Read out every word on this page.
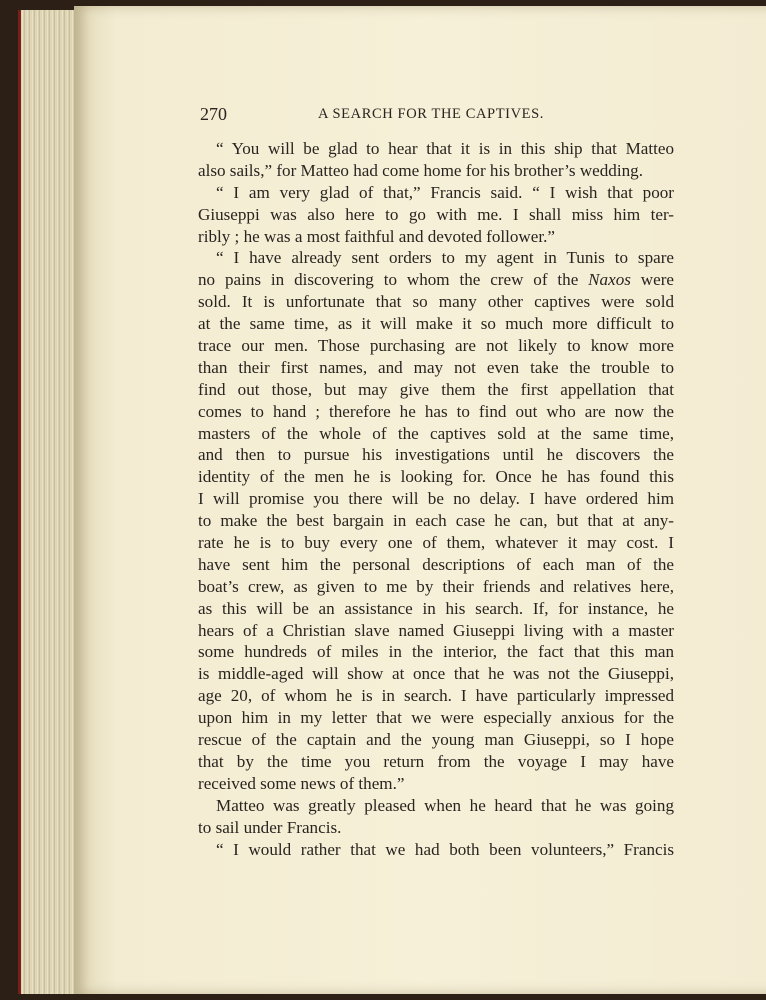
270	A SEARCH FOR THE CAPTIVES.
“ You will be glad to hear that it is in this ship that Matteo
also sails,” for Matteo had come home for his brother’s wedding.
“ I am very glad of that,” Francis said. “ I wish that poor
Giuseppi was also here to go with me. I shall miss him ter-
ribly ; he was a most faithful and devoted follower.”
“ I have already sent orders to my agent in Tunis to spare
no pains in discovering to whom the crew of the Naxos were
sold. It is unfortunate that so many other captives were sold
at the same time, as it will make it so much more difficult to
trace our men. Those purchasing are not likely to know more
than their first names, and may not even take the trouble to
find out those, but may give them the first appellation that
comes to hand ; therefore he has to find out who are now the
masters of the whole of the captives sold at the same time,
and then to pursue his investigations until he discovers the
identity of the men he is looking for. Once he has found this
I will promise you there will be no delay. I have ordered him
to make the best bargain in each case he can, but that at any-
rate he is to buy every one of them, whatever it may cost. I
have sent him the personal descriptions of each man of the
boat’s crew, as given to me by their friends and relatives here,
as this will be an assistance in his search. If, for instance, he
hears of a Christian slave named Giuseppi living with a master
some hundreds of miles in the interior, the fact that this man
is middle-aged will show at once that he was not the Giuseppi,
age 20, of whom he is in search. I have particularly impressed
upon him in my letter that we were especially anxious for the
rescue of the captain and the young man Giuseppi, so I hope
that by the time you return from the voyage I may have
received some news of them.”
Matteo was greatly pleased when he heard that he was going
to sail under Francis.
“ I would rather that we had both been volunteers,” Francis
